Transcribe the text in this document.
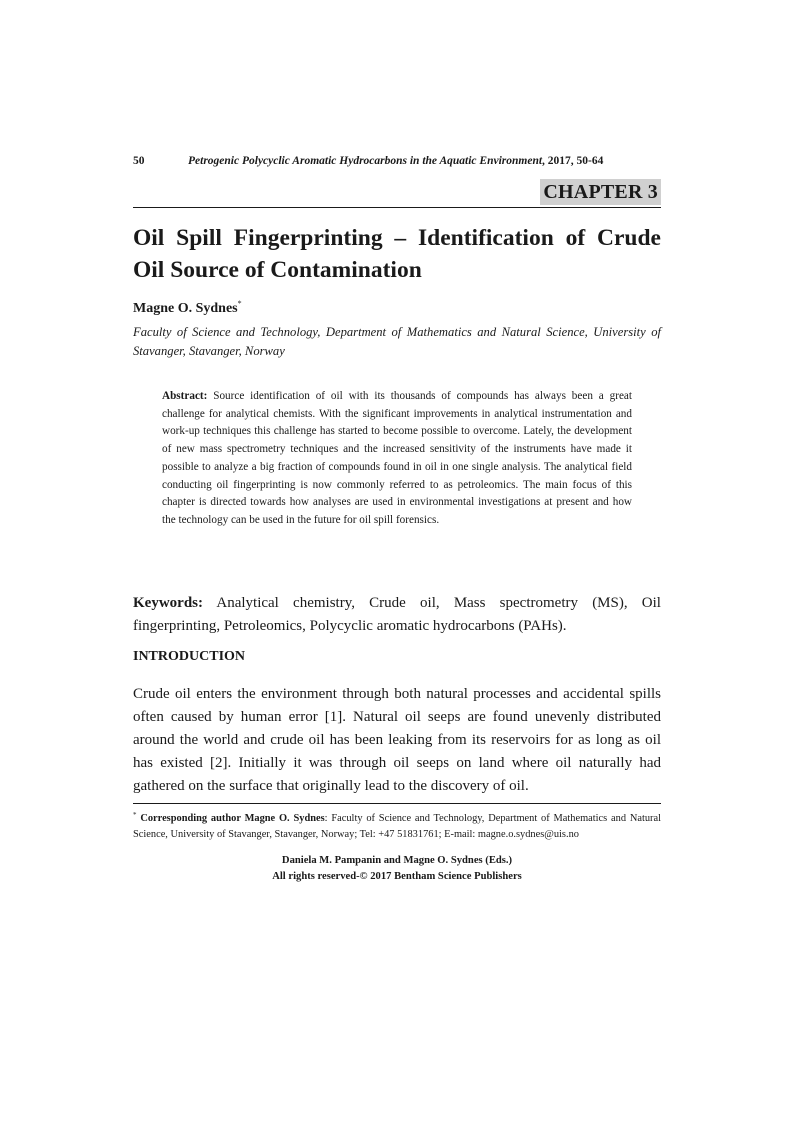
50	Petrogenic Polycyclic Aromatic Hydrocarbons in the Aquatic Environment, 2017, 50-64
CHAPTER 3
Oil Spill Fingerprinting – Identification of Crude Oil Source of Contamination
Magne O. Sydnes*
Faculty of Science and Technology, Department of Mathematics and Natural Science, University of Stavanger, Stavanger, Norway
Abstract: Source identification of oil with its thousands of compounds has always been a great challenge for analytical chemists. With the significant improvements in analytical instrumentation and work-up techniques this challenge has started to become possible to overcome. Lately, the development of new mass spectrometry techniques and the increased sensitivity of the instruments have made it possible to analyze a big fraction of compounds found in oil in one single analysis. The analytical field conducting oil fingerprinting is now commonly referred to as petroleomics. The main focus of this chapter is directed towards how analyses are used in environmental investigations at present and how the technology can be used in the future for oil spill forensics.
Keywords: Analytical chemistry, Crude oil, Mass spectrometry (MS), Oil fingerprinting, Petroleomics, Polycyclic aromatic hydrocarbons (PAHs).
INTRODUCTION
Crude oil enters the environment through both natural processes and accidental spills often caused by human error [1]. Natural oil seeps are found unevenly distributed around the world and crude oil has been leaking from its reservoirs for as long as oil has existed [2]. Initially it was through oil seeps on land where oil naturally had gathered on the surface that originally lead to the discovery of oil.
* Corresponding author Magne O. Sydnes: Faculty of Science and Technology, Department of Mathematics and Natural Science, University of Stavanger, Stavanger, Norway; Tel: +47 51831761; E-mail: magne.o.sydnes@uis.no
Daniela M. Pampanin and Magne O. Sydnes (Eds.)
All rights reserved-© 2017 Bentham Science Publishers
